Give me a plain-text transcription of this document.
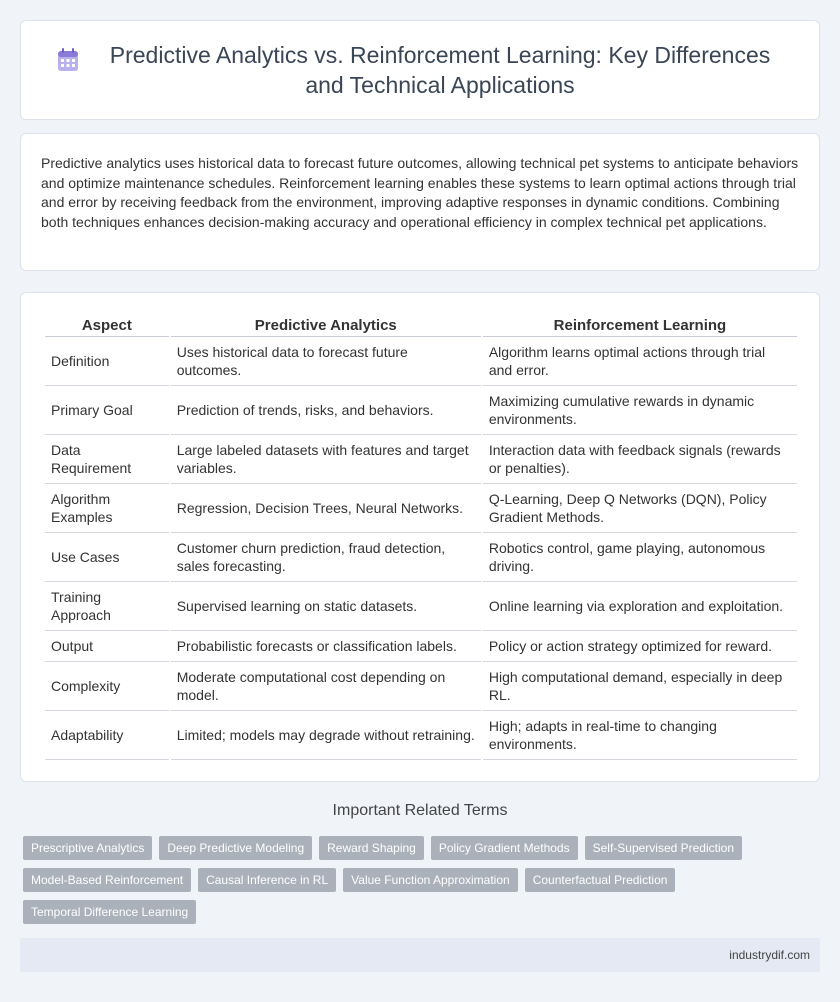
Predictive Analytics vs. Reinforcement Learning: Key Differences and Technical Applications

Predictive analytics uses historical data to forecast future outcomes, allowing technical pet systems to anticipate behaviors and optimize maintenance schedules. Reinforcement learning enables these systems to learn optimal actions through trial and error by receiving feedback from the environment, improving adaptive responses in dynamic conditions. Combining both techniques enhances decision-making accuracy and operational efficiency in complex technical pet applications.

Aspect	Predictive Analytics	Reinforcement Learning
Definition	Uses historical data to forecast future outcomes.	Algorithm learns optimal actions through trial and error.
Primary Goal	Prediction of trends, risks, and behaviors.	Maximizing cumulative rewards in dynamic environments.
Data Requirement	Large labeled datasets with features and target variables.	Interaction data with feedback signals (rewards or penalties).
Algorithm Examples	Regression, Decision Trees, Neural Networks.	Q-Learning, Deep Q Networks (DQN), Policy Gradient Methods.
Use Cases	Customer churn prediction, fraud detection, sales forecasting.	Robotics control, game playing, autonomous driving.
Training Approach	Supervised learning on static datasets.	Online learning via exploration and exploitation.
Output	Probabilistic forecasts or classification labels.	Policy or action strategy optimized for reward.
Complexity	Moderate computational cost depending on model.	High computational demand, especially in deep RL.
Adaptability	Limited; models may degrade without retraining.	High; adapts in real-time to changing environments.
Important Related Terms
Prescriptive Analytics	Deep Predictive Modeling	Reward Shaping	Policy Gradient Methods	Self-Supervised Prediction
Model-Based Reinforcement	Causal Inference in RL	Value Function Approximation	Counterfactual Prediction
Temporal Difference Learning
industrydif.com
